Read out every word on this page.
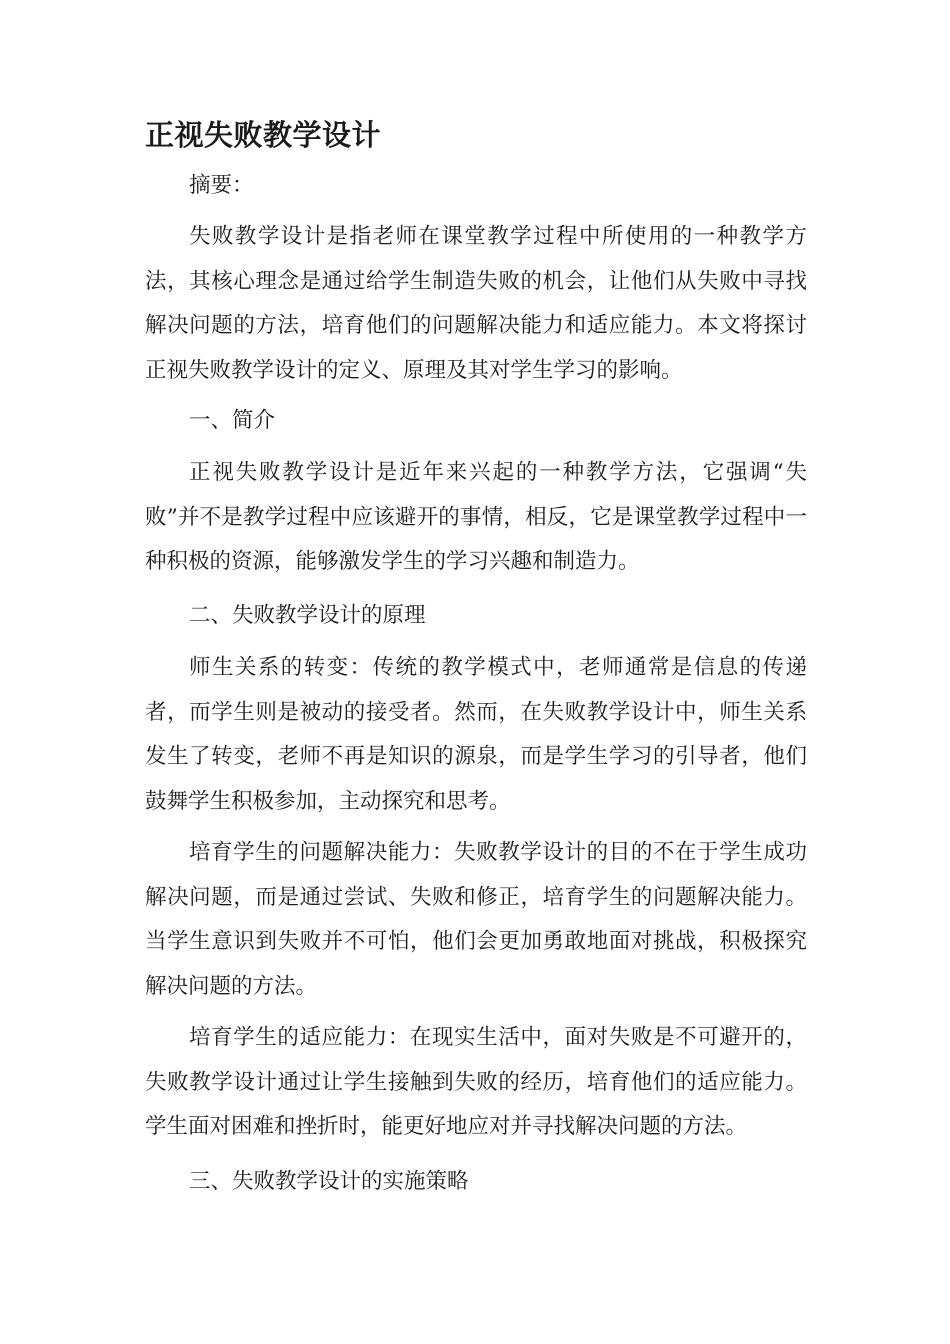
正视失败教学设计

摘要：

失败教学设计是指老师在课堂教学过程中所使用的一种教学方法，其核心理念是通过给学生制造失败的机会，让他们从失败中寻找解决问题的方法，培育他们的问题解决能力和适应能力。本文将探讨正视失败教学设计的定义、原理及其对学生学习的影响。

一、简介

正视失败教学设计是近年来兴起的一种教学方法，它强调“失败”并不是教学过程中应该避开的事情，相反，它是课堂教学过程中一种积极的资源，能够激发学生的学习兴趣和制造力。

二、失败教学设计的原理

师生关系的转变：传统的教学模式中，老师通常是信息的传递者，而学生则是被动的接受者。然而，在失败教学设计中，师生关系发生了转变，老师不再是知识的源泉，而是学生学习的引导者，他们鼓舞学生积极参加，主动探究和思考。

培育学生的问题解决能力：失败教学设计的目的不在于学生成功解决问题，而是通过尝试、失败和修正，培育学生的问题解决能力。当学生意识到失败并不可怕，他们会更加勇敢地面对挑战，积极探究解决问题的方法。

培育学生的适应能力：在现实生活中，面对失败是不可避开的，失败教学设计通过让学生接触到失败的经历，培育他们的适应能力。学生面对困难和挫折时，能更好地应对并寻找解决问题的方法。

三、失败教学设计的实施策略
